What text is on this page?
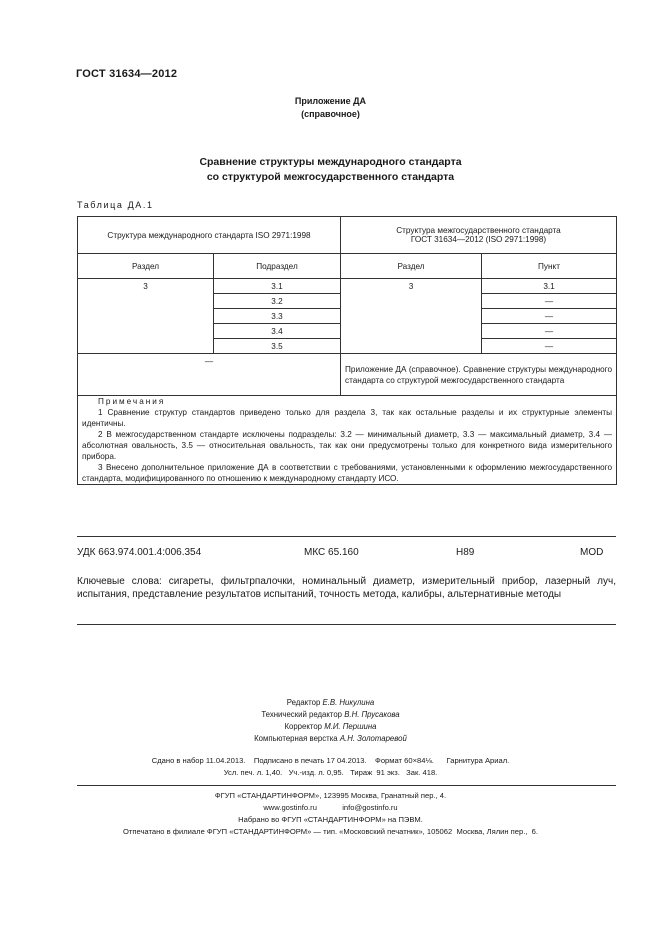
ГОСТ 31634—2012
Приложение ДА
(справочное)
Сравнение структуры международного стандарта
со структурой межгосударственного стандарта
Таблица ДА.1
Структура международного стандарта ISO 2971:1998		Структура межгосударственного стандарта
ГОСТ 31634—2012 (ISO 2971:1998)	

Раздел	Подраздел	Раздел	Пункт
3	3.1	3	3.1
	3.2		—
	3.3		—
	3.4		—
	3.5		—
—		Приложение ДА (справочное). Сравнение структуры международного стандарта со структурой межгосударственного стандарта	

Примечания

1 Сравнение структур стандартов приведено только для раздела 3, так как остальные разделы и их структурные элементы идентичны.

2 В межгосударственном стандарте исключены подразделы: 3.2 — минимальный диаметр, 3.3 — максимальный диаметр, 3.4 — абсолютная овальность, 3.5 — относительная овальность, так как они предусмотрены только для конкретного вида измерительного прибора.

3 Внесено дополнительное приложение ДА в соответствии с требованиями, установленными к оформлению межгосударственного стандарта, модифицированного по отношению к международному стандарту ИСО.			

УДК 663.974.001.4:006.354	МКС 65.160	Н89	MOD
Ключевые слова: сигареты, фильтрпалочки, номинальный диаметр, измерительный прибор, лазерный луч, испытания, представление результатов испытаний, точность метода, калибры, альтернативные методы
Редактор Е.В. Никулина
Технический редактор В.Н. Прусакова
Корректор М.И. Першина
Компьютерная верстка А.Н. Золотаревой
Сдано в набор 11.04.2013.    Подписано в печать 17 04.2013.    Формат 60×84⅛.      Гарнитура Ариал.
Усл. печ. л. 1,40.   Уч.-изд. л. 0,95.   Тираж  91 экз.   Зак. 418.
ФГУП «СТАНДАРТИНФОРМ», 123995 Москва, Гранатный пер., 4.
www.gostinfo.ru	info@gostinfo.ru
Набрано во ФГУП «СТАНДАРТИНФОРМ» на ПЭВМ.
Отпечатано в филиале ФГУП «СТАНДАРТИНФОРМ» — тип. «Московский печатник», 105062  Москва, Лялин пер.,  6.
